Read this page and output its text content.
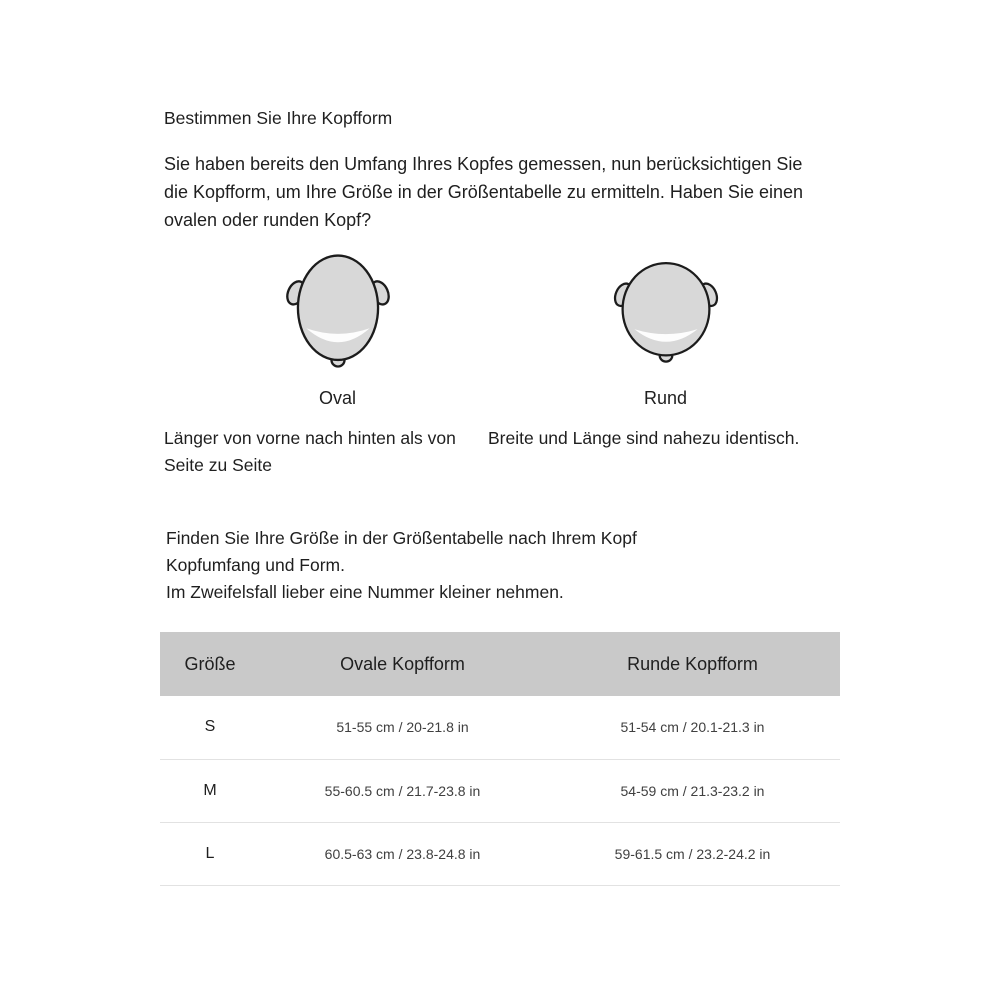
Bestimmen Sie Ihre Kopfform

Sie haben bereits den Umfang Ihres Kopfes gemessen, nun berücksichtigen Sie die Kopfform, um Ihre Größe in der Größentabelle zu ermitteln. Haben Sie einen ovalen oder runden Kopf?

Oval	Rund
Länger von vorne nach hinten als von Seite zu Seite
Breite und Länge sind nahezu identisch.
Finden Sie Ihre Größe in der Größentabelle nach Ihrem Kopf
Kopfumfang und Form.
Im Zweifelsfall lieber eine Nummer kleiner nehmen.
Größe	Ovale Kopfform	Runde Kopfform
S	51-55 cm / 20-21.8 in	51-54 cm / 20.1-21.3 in
M	55-60.5 cm / 21.7-23.8 in	54-59 cm / 21.3-23.2 in
L	60.5-63 cm / 23.8-24.8 in	59-61.5 cm / 23.2-24.2 in
